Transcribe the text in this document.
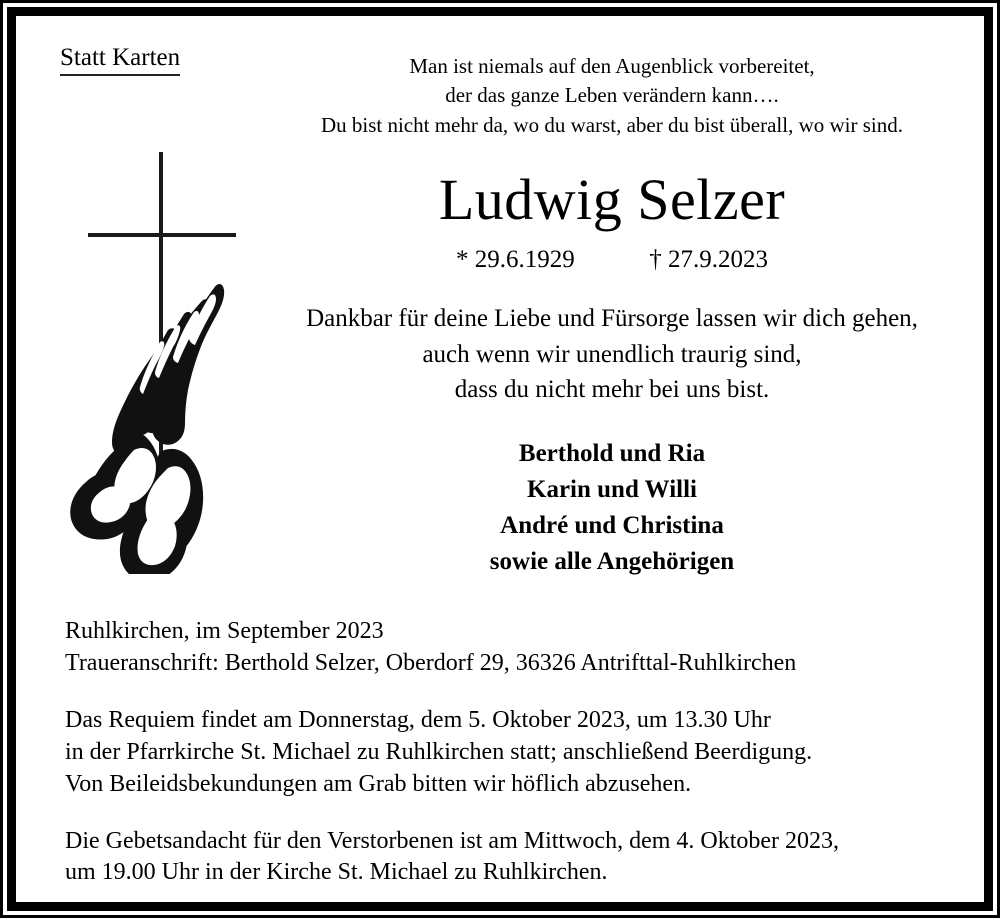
Statt Karten	Man ist niemals auf den Augenblick vorbereitet,
der das ganze Leben verändern kann….
Du bist nicht mehr da, wo du warst, aber du bist überall, wo wir sind.
Ludwig Selzer
* 29.6.1929	† 27.9.2023
Dankbar für deine Liebe und Fürsorge lassen wir dich gehen,
auch wenn wir unendlich traurig sind,
dass du nicht mehr bei uns bist.
Berthold und Ria
Karin und Willi
André und Christina
sowie alle Angehörigen

Ruhlkirchen, im September 2023
Traueranschrift: Berthold Selzer, Oberdorf 29, 36326 Antrifttal-Ruhlkirchen

Das Requiem findet am Donnerstag, dem 5. Oktober 2023, um 13.30 Uhr
in der Pfarrkirche St. Michael zu Ruhlkirchen statt; anschließend Beerdigung.
Von Beileidsbekundungen am Grab bitten wir höflich abzusehen.

Die Gebetsandacht für den Verstorbenen ist am Mittwoch, dem 4. Oktober 2023,
um 19.00 Uhr in der Kirche St. Michael zu Ruhlkirchen.
